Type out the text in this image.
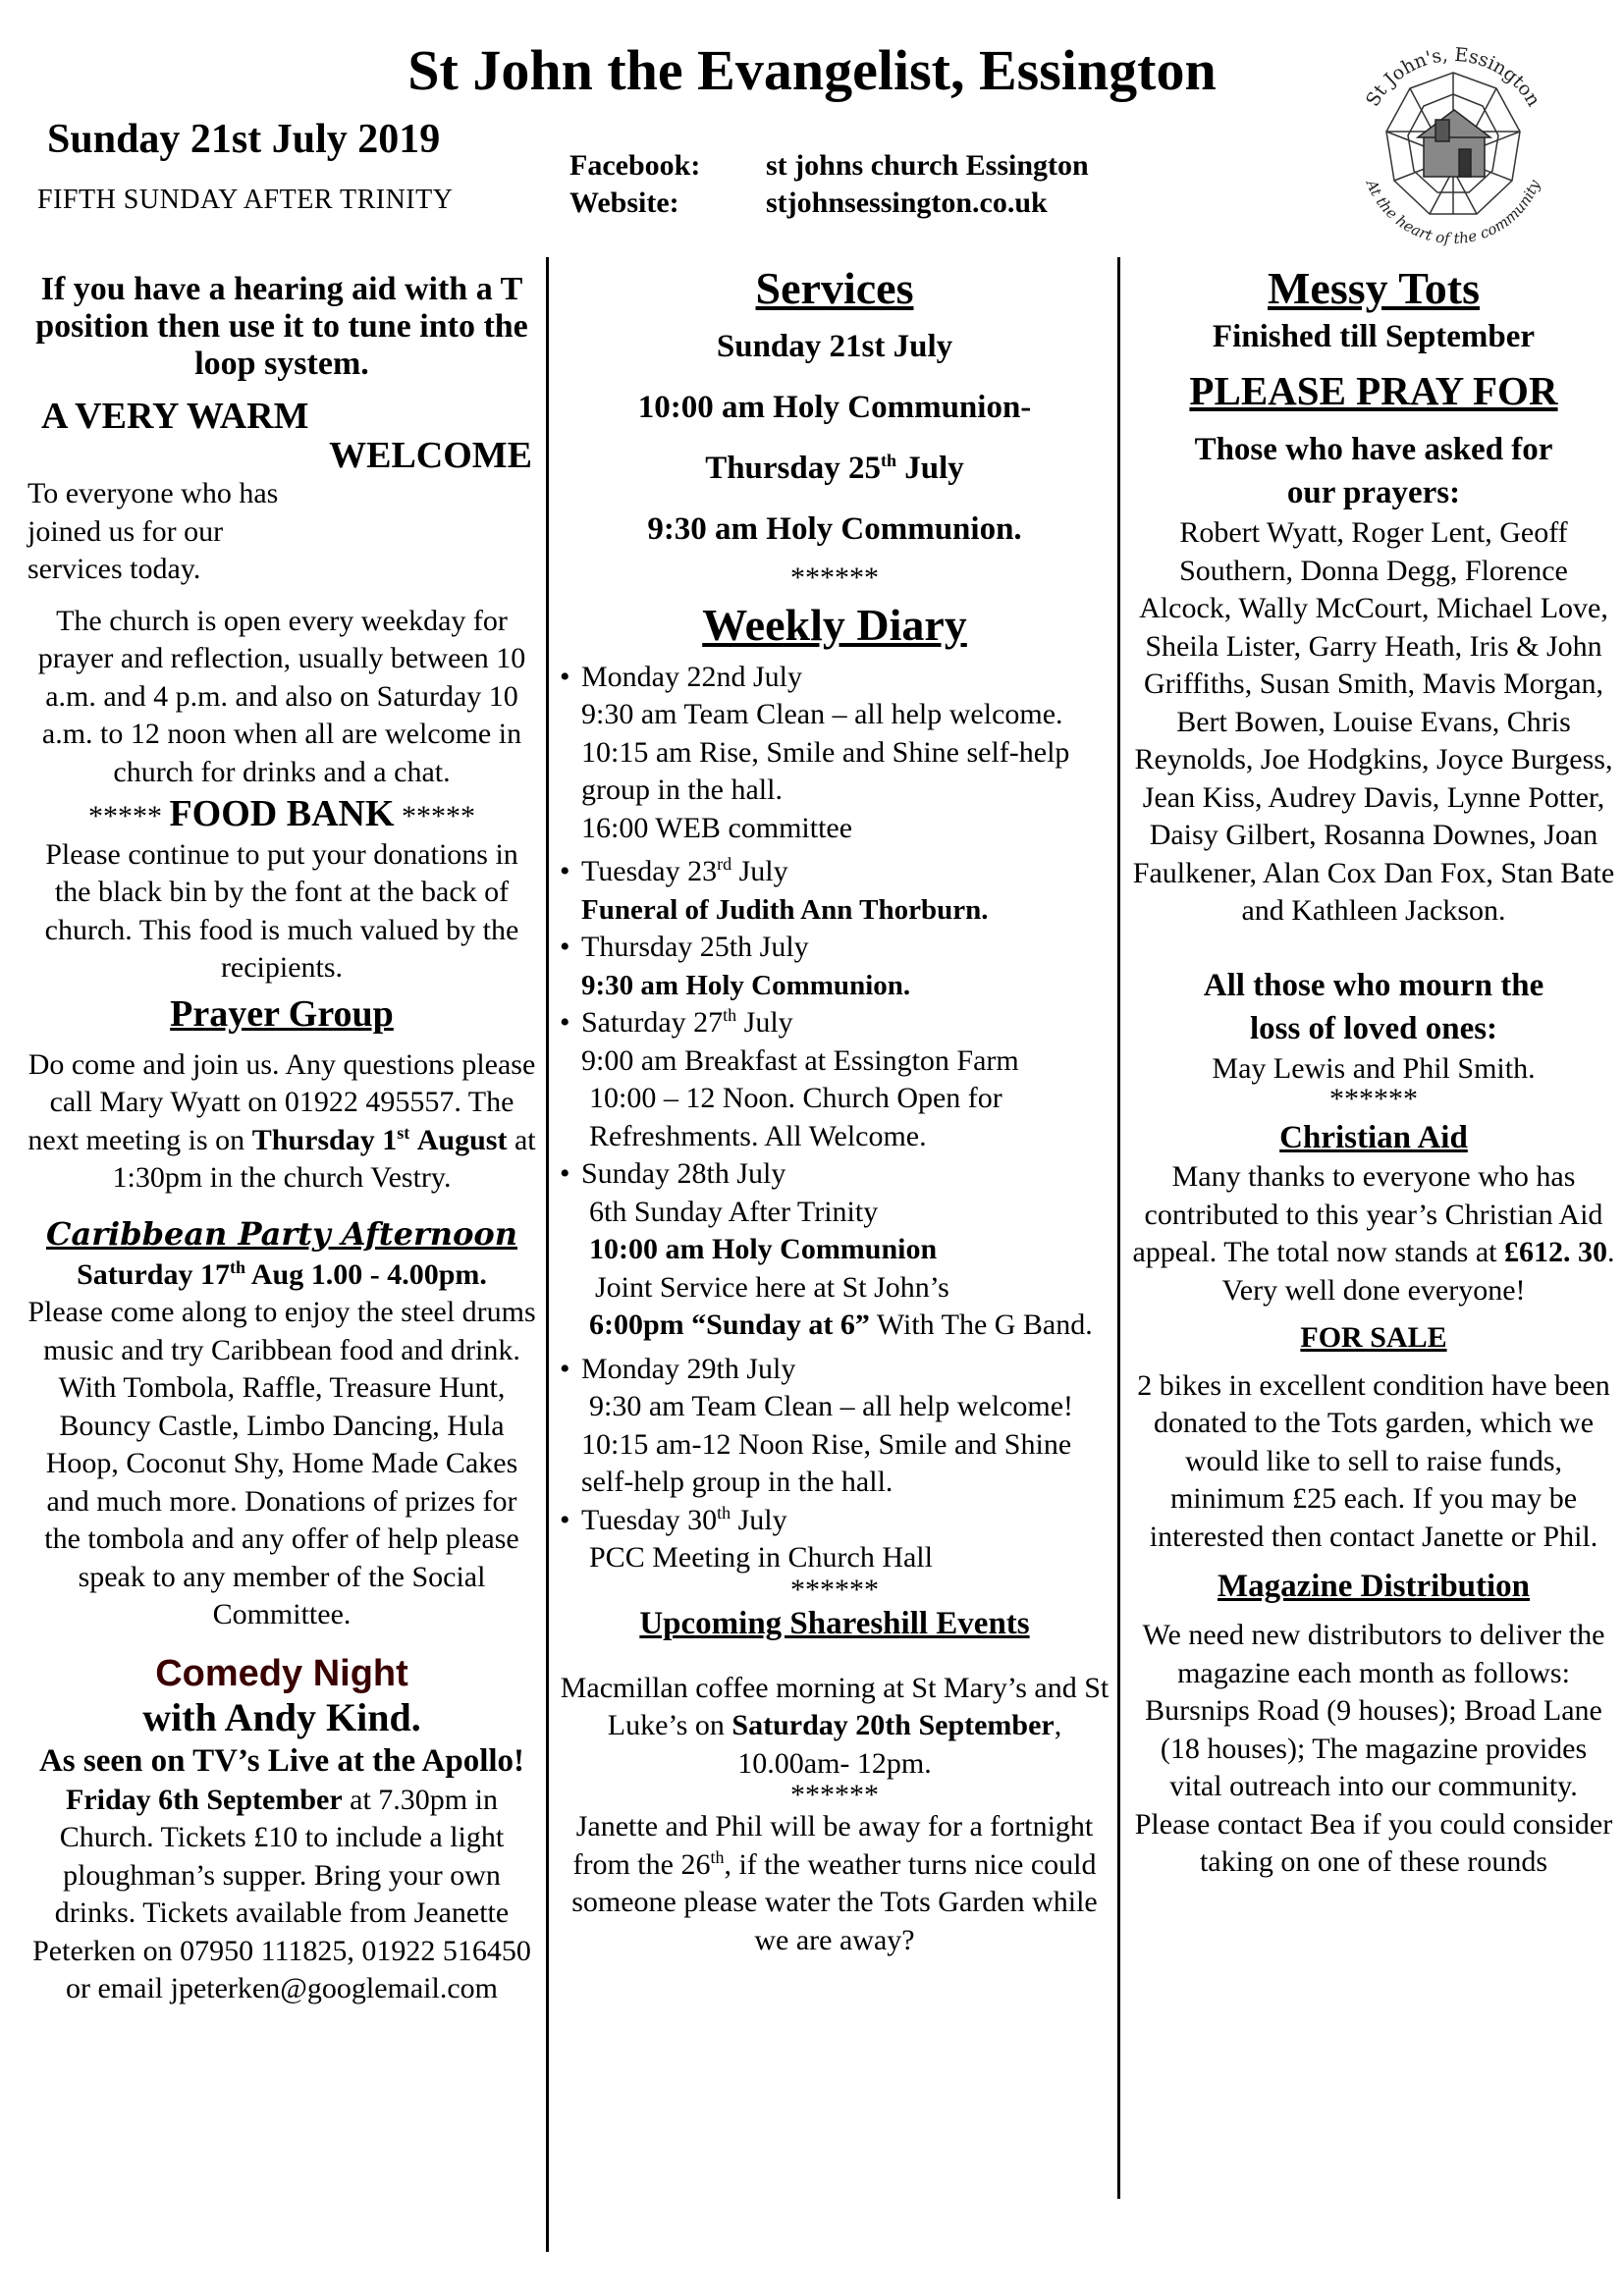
St John the Evangelist, Essington
Sunday 21st July 2019
FIFTH SUNDAY AFTER TRINITY
Facebook: st johns church Essington
Website:	stjohnsessington.co.uk
St John's, Essington
At the heart of the community

If you have a hearing aid with a T position then use it to tune into the loop system.

A VERY WARM

WELCOME

To everyone who has joined us for our services today.

The church is open every weekday for prayer and reflection, usually between 10 a.m. and 4 p.m. and also on Saturday 10 a.m. to 12 noon when all are welcome in church for drinks and a chat.

***** FOOD BANK *****

Please continue to put your donations in the black bin by the font at the back of church. This food is much valued by the recipients.

Prayer Group

Do come and join us. Any questions please call Mary Wyatt on 01922 495557. The next meeting is on Thursday 1st August at 1:30pm in the church Vestry.

Caribbean Party Afternoon

Saturday 17th Aug 1.00 - 4.00pm.

Please come along to enjoy the steel drums music and try Caribbean food and drink. With Tombola, Raffle, Treasure Hunt, Bouncy Castle, Limbo Dancing, Hula Hoop, Coconut Shy, Home Made Cakes and much more. Donations of prizes for the tombola and any offer of help please speak to any member of the Social Committee.

Comedy Night

with Andy Kind.

As seen on TV’s Live at the Apollo!

Friday 6th September at 7.30pm in Church. Tickets £10 to include a light ploughman’s supper. Bring your own drinks. Tickets available from Jeanette Peterken on 07950 111825, 01922 516450 or email jpeterken@googlemail.com

Services

Sunday 21st July

10:00 am Holy Communion-

Thursday 25th July

9:30 am Holy Communion.

******

Weekly Diary

• Monday 22nd July

9:30 am Team Clean – all help welcome.

10:15 am Rise, Smile and Shine self-help group in the hall.

16:00 WEB committee

• Tuesday 23rd July

Funeral of Judith Ann Thorburn.

• Thursday 25th July

9:30 am Holy Communion.

• Saturday 27th July

9:00 am Breakfast at Essington Farm

10:00 – 12 Noon. Church Open for Refreshments. All Welcome.

• Sunday 28th July

6th Sunday After Trinity

10:00 am Holy Communion

Joint Service here at St John’s

6:00pm “Sunday at 6” With The G Band.

• Monday 29th July

9:30 am Team Clean – all help welcome!

10:15 am-12 Noon Rise, Smile and Shine self-help group in the hall.

• Tuesday 30th July

PCC Meeting in Church Hall

******

Upcoming Shareshill Events

Macmillan coffee morning at St Mary’s and St Luke’s on Saturday 20th September, 10.00am- 12pm.

******

Janette and Phil will be away for a fortnight from the 26th, if the weather turns nice could someone please water the Tots Garden while we are away?

Messy Tots

Finished till September

PLEASE PRAY FOR

Those who have asked for our prayers:

Robert Wyatt, Roger Lent, Geoff Southern, Donna Degg, Florence Alcock, Wally McCourt, Michael Love, Sheila Lister, Garry Heath, Iris & John Griffiths, Susan Smith, Mavis Morgan, Bert Bowen, Louise Evans, Chris Reynolds, Joe Hodgkins, Joyce Burgess, Jean Kiss, Audrey Davis, Lynne Potter, Daisy Gilbert, Rosanna Downes, Joan Faulkener, Alan Cox Dan Fox, Stan Bate and Kathleen Jackson.

All those who mourn the loss of loved ones:

May Lewis and Phil Smith.

******

Christian Aid

Many thanks to everyone who has contributed to this year’s Christian Aid appeal. The total now stands at £612. 30. Very well done everyone!

FOR SALE

2 bikes in excellent condition have been donated to the Tots garden, which we would like to sell to raise funds, minimum £25 each. If you may be interested then contact Janette or Phil.

Magazine Distribution

We need new distributors to deliver the magazine each month as follows: Bursnips Road (9 houses); Broad Lane (18 houses); The magazine provides vital outreach into our community. Please contact Bea if you could consider taking on one of these rounds
